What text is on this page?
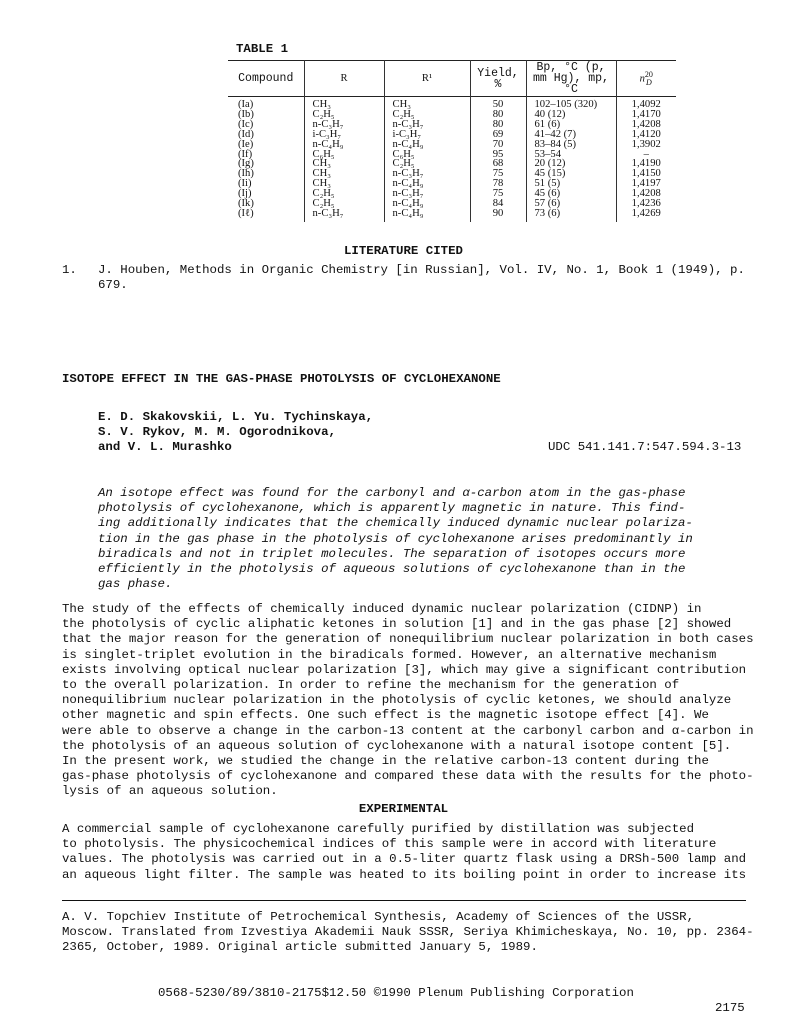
TABLE 1
Compound	R	R¹	Yield, %	Bp, °C (p, mm Hg), mp, °C	n 20
D

(Ia)	CH₃	CH₃	50	102–105 (320)	1,4092
(Ib)	C₂H₅	C₂H₅	80	40 (12)	1,4170
(Ic)	n-C₃H₇	n-C₃H₇	80	61 (6)	1,4208
(Id)	i-C₃H₇	i-C₃H₇	69	41–42 (7)	1,4120
(Ie)	n-C₄H₉	n-C₄H₉	70	83–84 (5)	1,3902
(If)	C₆H₅	C₆H₅	95	53–54	–
(Ig)	CH₃	C₂H₅	68	20 (12)	1,4190
(Ih)	CH₃	n-C₃H₇	75	45 (15)	1,4150
(Ii)	CH₃	n-C₄H₉	78	51 (5)	1,4197
(Ij)	C₂H₅	n-C₃H₇	75	45 (6)	1,4208
(Ik)	C₂H₅	n-C₄H₉	84	57 (6)	1,4236
(Iℓ)	n-C₃H₇	n-C₄H₉	90	73 (6)	1,4269
LITERATURE CITED
1. J. Houben, Methods in Organic Chemistry [in Russian], Vol. IV, No. 1, Book 1 (1949), p. 679.
ISOTOPE EFFECT IN THE GAS-PHASE PHOTOLYSIS OF CYCLOHEXANONE
E. D. Skakovskii, L. Yu. Tychinskaya,
S. V. Rykov, M. M. Ogorodnikova,
and V. L. Murashko	UDC 541.141.7:547.594.3-13
An isotope effect was found for the carbonyl and α-carbon atom in the gas-phase
photolysis of cyclohexanone, which is apparently magnetic in nature. This find-
ing additionally indicates that the chemically induced dynamic nuclear polariza-
tion in the gas phase in the photolysis of cyclohexanone arises predominantly in
biradicals and not in triplet molecules. The separation of isotopes occurs more
efficiently in the photolysis of aqueous solutions of cyclohexanone than in the
gas phase.
The study of the effects of chemically induced dynamic nuclear polarization (CIDNP) in
the photolysis of cyclic aliphatic ketones in solution [1] and in the gas phase [2] showed
that the major reason for the generation of nonequilibrium nuclear polarization in both cases
is singlet-triplet evolution in the biradicals formed. However, an alternative mechanism
exists involving optical nuclear polarization [3], which may give a significant contribution
to the overall polarization. In order to refine the mechanism for the generation of
nonequilibrium nuclear polarization in the photolysis of cyclic ketones, we should analyze
other magnetic and spin effects. One such effect is the magnetic isotope effect [4]. We
were able to observe a change in the carbon-13 content at the carbonyl carbon and α-carbon in
the photolysis of an aqueous solution of cyclohexanone with a natural isotope content [5].
In the present work, we studied the change in the relative carbon-13 content during the
gas-phase photolysis of cyclohexanone and compared these data with the results for the photo-
lysis of an aqueous solution.
EXPERIMENTAL
A commercial sample of cyclohexanone carefully purified by distillation was subjected
to photolysis. The physicochemical indices of this sample were in accord with literature
values. The photolysis was carried out in a 0.5-liter quartz flask using a DRSh-500 lamp and
an aqueous light filter. The sample was heated to its boiling point in order to increase its
A. V. Topchiev Institute of Petrochemical Synthesis, Academy of Sciences of the USSR,
Moscow. Translated from Izvestiya Akademii Nauk SSSR, Seriya Khimicheskaya, No. 10, pp. 2364-
2365, October, 1989. Original article submitted January 5, 1989.
0568-5230/89/3810-2175$12.50 ©1990 Plenum Publishing Corporation
2175
